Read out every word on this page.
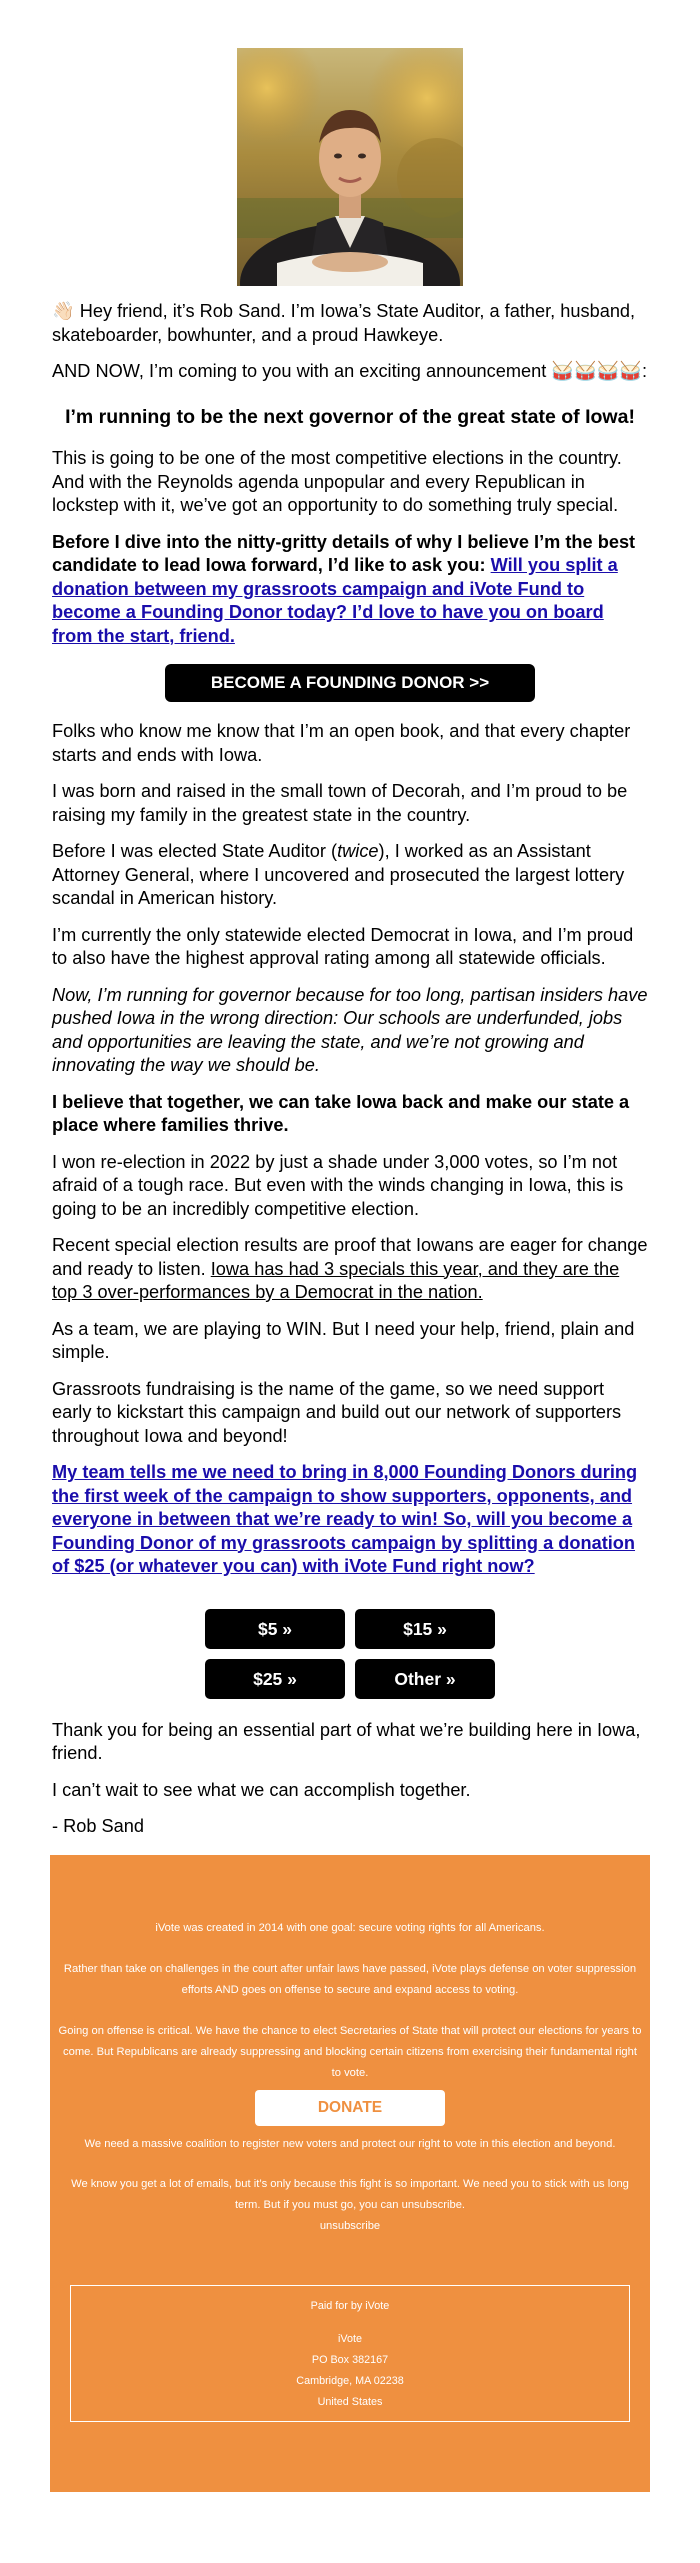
👋🏻 Hey friend, it’s Rob Sand. I’m Iowa’s State Auditor, a father, husband, skateboarder, bowhunter, and a proud Hawkeye.

AND NOW, I’m coming to you with an exciting announcement 🥁🥁🥁🥁:

I’m running to be the next governor of the great state of Iowa!

This is going to be one of the most competitive elections in the country. And with the Reynolds agenda unpopular and every Republican in lockstep with it, we’ve got an opportunity to do something truly special.

Before I dive into the nitty-gritty details of why I believe I’m the best candidate to lead Iowa forward, I’d like to ask you: Will you split a donation between my grassroots campaign and iVote Fund to become a Founding Donor today? I’d love to have you on board from the start, friend.

BECOME A FOUNDING DONOR >>

Folks who know me know that I’m an open book, and that every chapter starts and ends with Iowa.

I was born and raised in the small town of Decorah, and I’m proud to be raising my family in the greatest state in the country.

Before I was elected State Auditor (twice), I worked as an Assistant Attorney General, where I uncovered and prosecuted the largest lottery scandal in American history.

I’m currently the only statewide elected Democrat in Iowa, and I’m proud to also have the highest approval rating among all statewide officials.

Now, I’m running for governor because for too long, partisan insiders have pushed Iowa in the wrong direction: Our schools are underfunded, jobs and opportunities are leaving the state, and we’re not growing and innovating the way we should be.

I believe that together, we can take Iowa back and make our state a place where families thrive.

I won re-election in 2022 by just a shade under 3,000 votes, so I’m not afraid of a tough race. But even with the winds changing in Iowa, this is going to be an incredibly competitive election.

Recent special election results are proof that Iowans are eager for change and ready to listen. Iowa has had 3 specials this year, and they are the top 3 over-performances by a Democrat in the nation.

As a team, we are playing to WIN. But I need your help, friend, plain and simple.

Grassroots fundraising is the name of the game, so we need support early to kickstart this campaign and build out our network of supporters throughout Iowa and beyond!

My team tells me we need to bring in 8,000 Founding Donors during the first week of the campaign to show supporters, opponents, and everyone in between that we’re ready to win! So, will you become a Founding Donor of my grassroots campaign by splitting a donation of $25 (or whatever you can) with iVote Fund right now?

$5 »	$15 »
$25 »	Other »

Thank you for being an essential part of what we’re building here in Iowa, friend.

I can’t wait to see what we can accomplish together.

- Rob Sand

iVote was created in 2014 with one goal: secure voting rights for all Americans.

Rather than take on challenges in the court after unfair laws have passed, iVote plays defense on voter suppression efforts AND goes on offense to secure and expand access to voting.

Going on offense is critical. We have the chance to elect Secretaries of State that will protect our elections for years to come. But Republicans are already suppressing and blocking certain citizens from exercising their fundamental right to vote.

DONATE

We need a massive coalition to register new voters and protect our right to vote in this election and beyond.

We know you get a lot of emails, but it’s only because this fight is so important. We need you to stick with us long term. But if you must go, you can unsubscribe.

unsubscribe

Paid for by iVote

iVote

PO Box 382167

Cambridge, MA 02238

United States
